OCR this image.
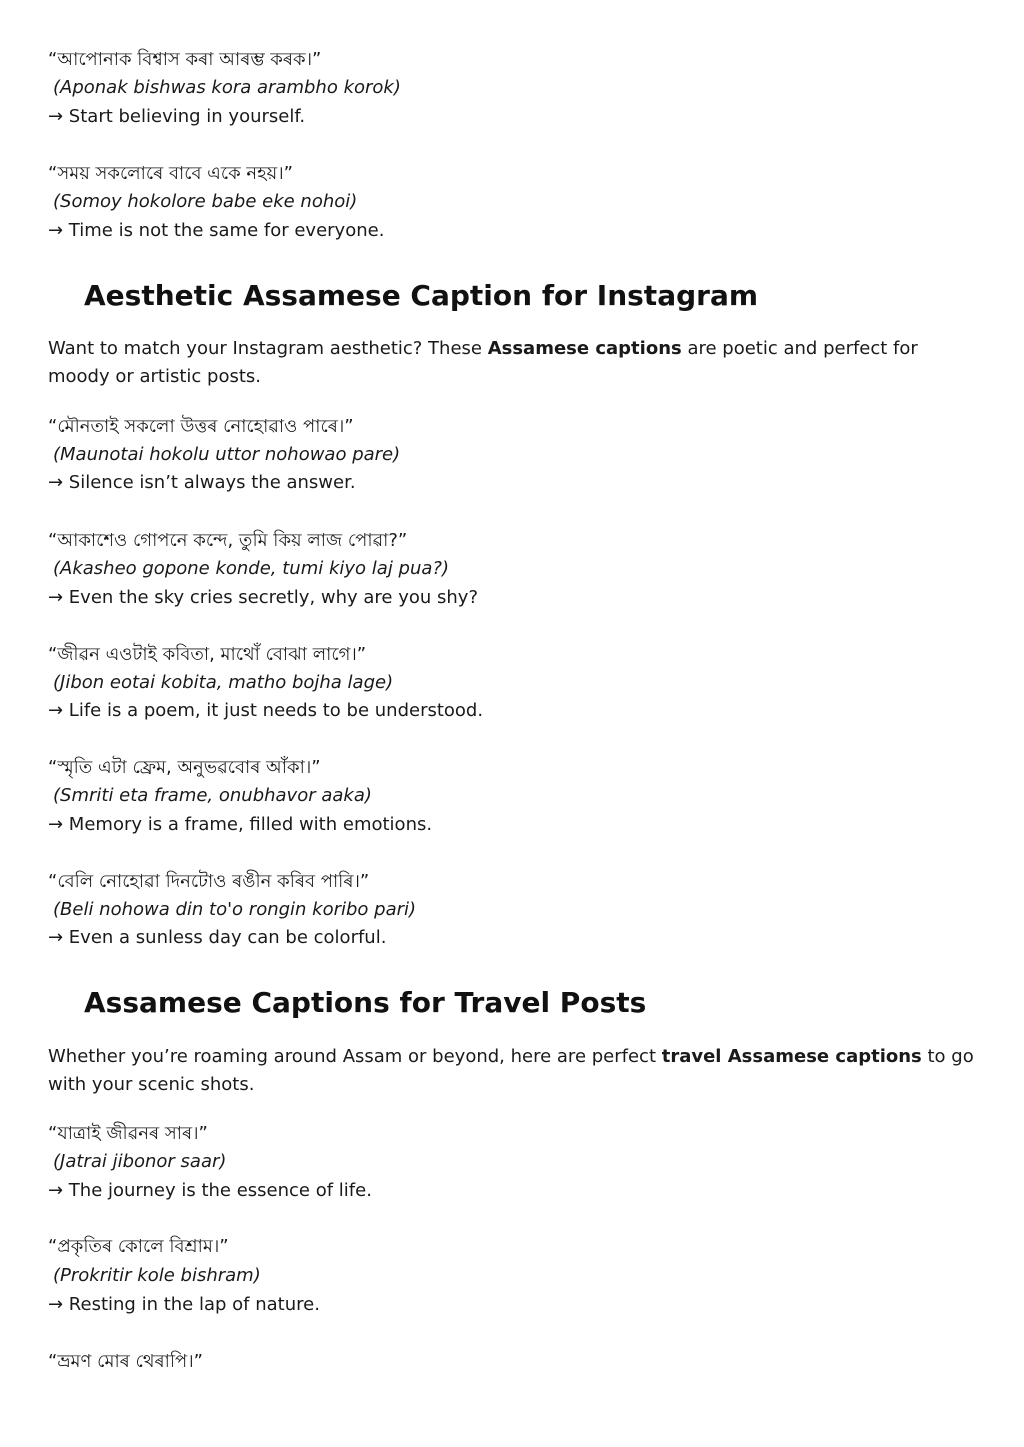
“আপোনাক বিশ্বাস কৰা আৰম্ভ কৰক।”
(Aponak bishwas kora arambho korok)
→ Start believing in yourself.
“সময় সকলোৰে বাবে একে নহয়।”
(Somoy hokolore babe eke nohoi)
→ Time is not the same for everyone.
Aesthetic Assamese Caption for Instagram
Want to match your Instagram aesthetic? These Assamese captions are poetic and perfect for moody or artistic posts.
“মৌনতাই সকলো উত্তৰ নোহোৱাও পাৰে।”
(Maunotai hokolu uttor nohowao pare)
→ Silence isn’t always the answer.
“আকাশেও গোপনে কন্দে, তুমি কিয় লাজ পোৱা?”
(Akasheo gopone konde, tumi kiyo laj pua?)
→ Even the sky cries secretly, why are you shy?
“জীৱন এওটাই কবিতা, মাথোঁ বোঝা লাগে।”
(Jibon eotai kobita, matho bojha lage)
→ Life is a poem, it just needs to be understood.
“স্মৃতি এটা ফ্ৰেম, অনুভৱবোৰ আঁকা।”
(Smriti eta frame, onubhavor aaka)
→ Memory is a frame, filled with emotions.
“বেলি নোহোৱা দিনটোও ৰঙীন কৰিব পাৰি।”
(Beli nohowa din to'o rongin koribo pari)
→ Even a sunless day can be colorful.
Assamese Captions for Travel Posts
Whether you’re roaming around Assam or beyond, here are perfect travel Assamese captions to go with your scenic shots.
“যাত্ৰাই জীৱনৰ সাৰ।”
(Jatrai jibonor saar)
→ The journey is the essence of life.
“প্ৰকৃতিৰ কোলে বিশ্ৰাম।”
(Prokritir kole bishram)
→ Resting in the lap of nature.
“ভ্ৰমণ মোৰ থেৰাপি।”
